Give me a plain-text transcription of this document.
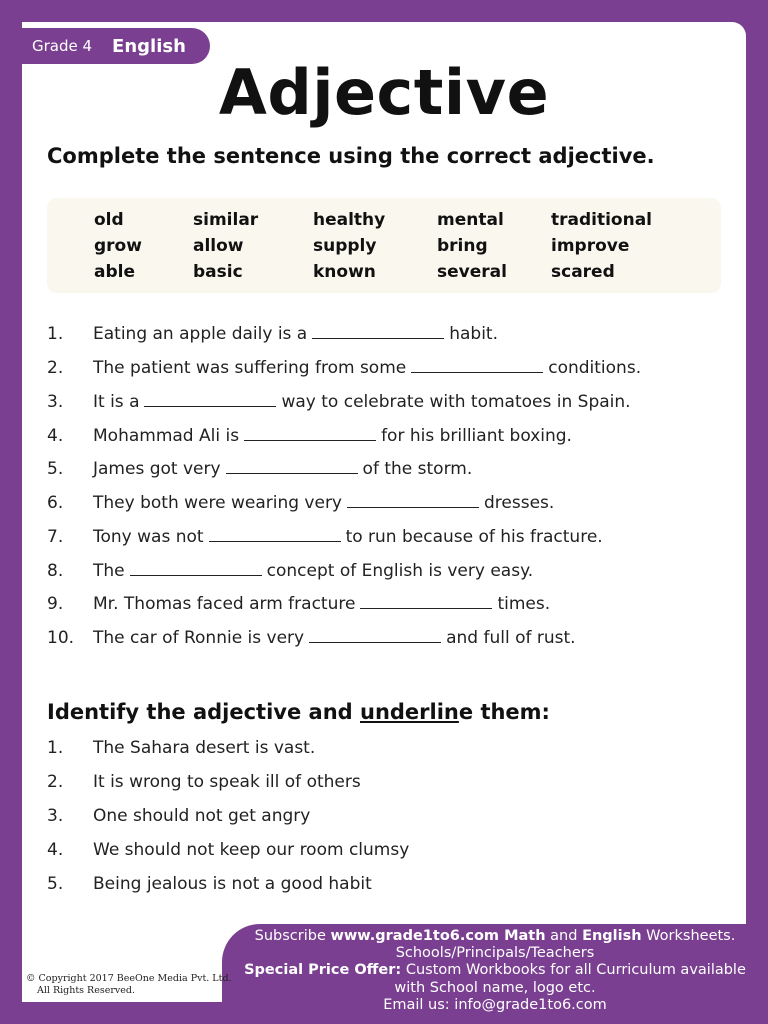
Grade 4 English
Adjective
Complete the sentence using the correct adjective.
old	similar	healthy	mental	traditional
grow	allow	supply	bring	improve
able	basic	known	several	scared
1. Eating an apple daily is a	habit.
2. The patient was suffering from some	conditions.
3. It is a	way to celebrate with tomatoes in Spain.
4. Mohammad Ali is	for his brilliant boxing.
5. James got very	of the storm.
6. They both were wearing very	dresses.
7. Tony was not	to run because of his fracture.
8. The	concept of English is very easy.
9. Mr. Thomas faced arm fracture	times.
10. The car of Ronnie is very	and full of rust.
Identify the adjective and underline them:
1. The Sahara desert is vast.
2. It is wrong to speak ill of others
3. One should not get angry
4. We should not keep our room clumsy
5. Being jealous is not a good habit
Subscribe www.grade1to6.com Math and English Worksheets.
Schools/Principals/Teachers
Special Price Offer: Custom Workbooks for all Curriculum available
with School name, logo etc.
Email us: info@grade1to6.com
© Copyright 2017 BeeOne Media Pvt. Ltd.
All Rights Reserved.
